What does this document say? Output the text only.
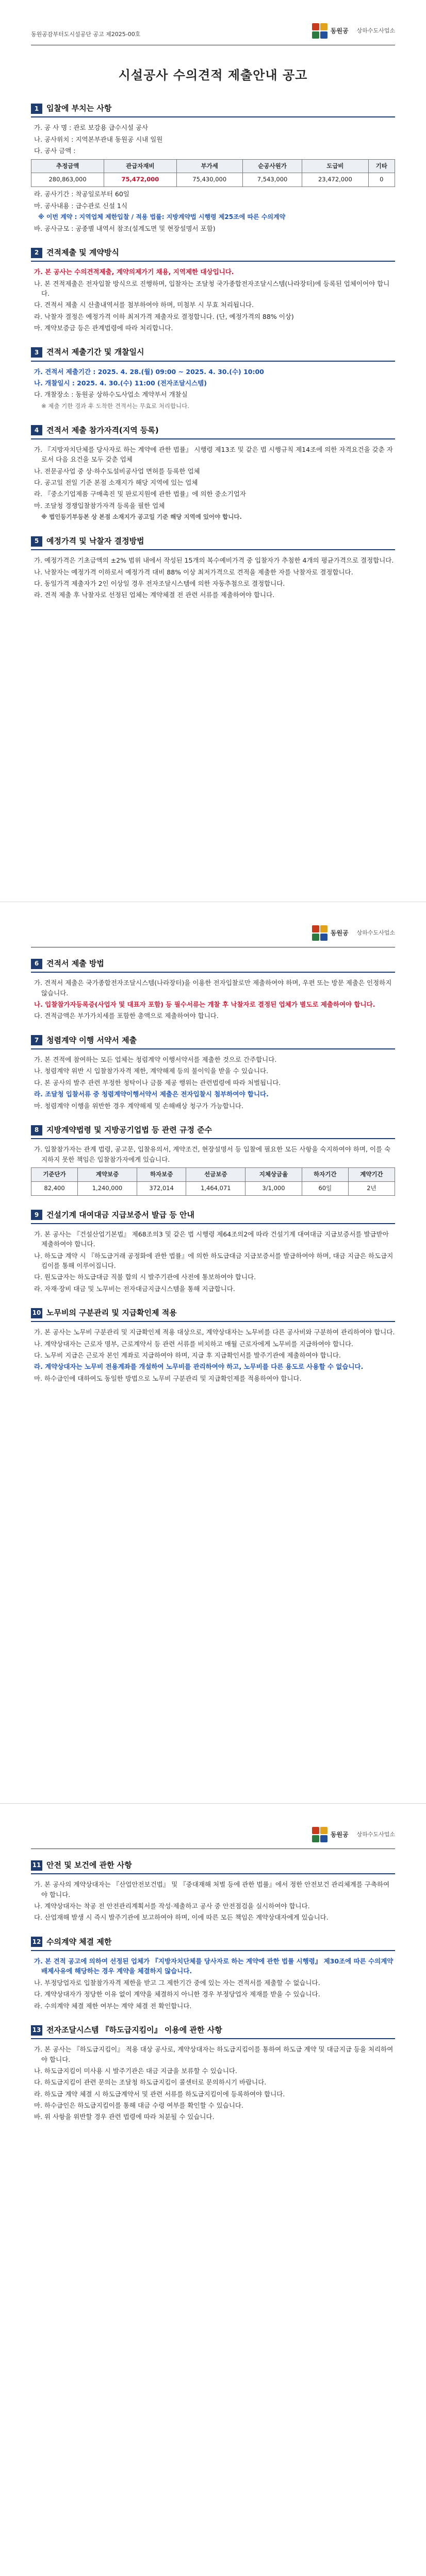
동원공감부터도시설공단 공고 제2025-00호	동원공 상하수도사업소
시설공사 수의견적 제출안내 공고
1 입찰에 부치는 사항

가. 공 사 명 : 관로 보강용 급수시설 공사

나. 공사위치 : 지역본부관내 동원공 시내 일원

다. 공사 금액 :

추정금액	관급자재비	부가세	순공사원가	도급비	기타
280,863,000	75,472,000	75,430,000	7,543,000	23,472,000	0

라. 공사기간 : 착공일로부터 60일

마. 공사내용 : 급수관로 신설 1식

※ 이번 계약 : 지역업체 제한입찰 / 적용 법률: 지방계약법 시행령 제25조에 따른 수의계약

바. 공사규모 : 공종별 내역서 참조(설계도면 및 현장설명서 포함)

2 견적제출 및 계약방식

가. 본 공사는 수의견적제출, 계약의제가기 채용, 지역제한 대상입니다.

나. 본 견적제출은 전자입찰 방식으로 진행하며, 입찰자는 조달청 국가종합전자조달시스템(나라장터)에 등록된 업체이어야 합니다.

다. 견적서 제출 시 산출내역서를 첨부하여야 하며, 미첨부 시 무효 처리됩니다.

라. 낙찰자 결정은 예정가격 이하 최저가격 제출자로 결정합니다. (단, 예정가격의 88% 이상)

마. 계약보증금 등은 관계법령에 따라 처리합니다.

3 견적서 제출기간 및 개찰일시

가. 견적서 제출기간 : 2025. 4. 28.(월) 09:00 ~ 2025. 4. 30.(수) 10:00

나. 개찰일시 : 2025. 4. 30.(수) 11:00 (전자조달시스템)

다. 개찰장소 : 동원공 상하수도사업소 계약부서 개찰실

※ 제출 기한 경과 후 도착한 견적서는 무효로 처리합니다.

4 견적서 제출 참가자격(지역 등록)

가. 『지방자치단체를 당사자로 하는 계약에 관한 법률』 시행령 제13조 및 같은 법 시행규칙 제14조에 의한 자격요건을 갖춘 자로서 다음 요건을 모두 갖춘 업체

나. 전문공사업 중 상·하수도설비공사업 면허를 등록한 업체

다. 공고일 전일 기준 본점 소재지가 해당 지역에 있는 업체

라. 『중소기업제품 구매촉진 및 판로지원에 관한 법률』에 의한 중소기업자

마. 조달청 경쟁입찰참가자격 등록을 필한 업체

※ 법인등기부등본 상 본점 소재지가 공고일 기준 해당 지역에 있어야 합니다.

5 예정가격 및 낙찰자 결정방법

가. 예정가격은 기초금액의 ±2% 범위 내에서 작성된 15개의 복수예비가격 중 입찰자가 추첨한 4개의 평균가격으로 결정합니다.

나. 낙찰자는 예정가격 이하로서 예정가격 대비 88% 이상 최저가격으로 견적을 제출한 자를 낙찰자로 결정합니다.

다. 동일가격 제출자가 2인 이상일 경우 전자조달시스템에 의한 자동추첨으로 결정합니다.

라. 견적 제출 후 낙찰자로 선정된 업체는 계약체결 전 관련 서류를 제출하여야 합니다.

동원공 상하수도사업소
6 견적서 제출 방법

가. 견적서 제출은 국가종합전자조달시스템(나라장터)을 이용한 전자입찰로만 제출하여야 하며, 우편 또는 방문 제출은 인정하지 않습니다.

나. 입찰참가자등록증(사업자 및 대표자 포함) 등 필수서류는 개찰 후 낙찰자로 결정된 업체가 별도로 제출하여야 합니다.

다. 견적금액은 부가가치세를 포함한 총액으로 제출하여야 합니다.

7 청렴계약 이행 서약서 제출

가. 본 견적에 참여하는 모든 업체는 청렴계약 이행서약서를 제출한 것으로 간주합니다.

나. 청렴계약 위반 시 입찰참가자격 제한, 계약해제 등의 불이익을 받을 수 있습니다.

다. 본 공사의 발주 관련 부정한 청탁이나 금품 제공 행위는 관련법령에 따라 처벌됩니다.

라. 조달청 입찰서류 중 청렴계약이행서약서 제출은 전자입찰시 첨부하여야 합니다.

마. 청렴계약 이행을 위반한 경우 계약해제 및 손해배상 청구가 가능합니다.

8 지방계약법령 및 지방공기업법 등 관련 규정 준수

가. 입찰참가자는 관계 법령, 공고문, 입찰유의서, 계약조건, 현장설명서 등 입찰에 필요한 모든 사항을 숙지하여야 하며, 이를 숙지하지 못한 책임은 입찰참가자에게 있습니다.

기준단가	계약보증	하자보증	선금보증	지체상금율	하자기간	계약기간
82,400	1,240,000	372,014	1,464,071	3/1,000	60일	2년
9 건설기계 대여대금 지급보증서 발급 등 안내

가. 본 공사는 『건설산업기본법』 제68조의3 및 같은 법 시행령 제64조의2에 따라 건설기계 대여대금 지급보증서를 발급받아 제출하여야 합니다.

나. 하도급 계약 시 『하도급거래 공정화에 관한 법률』에 의한 하도급대금 지급보증서를 발급하여야 하며, 대금 지급은 하도급지킴이를 통해 이루어집니다.

다. 원도급자는 하도급대금 직불 합의 시 발주기관에 사전에 통보하여야 합니다.

라. 자재·장비 대금 및 노무비는 전자대금지급시스템을 통해 지급합니다.

10 노무비의 구분관리 및 지급확인제 적용

가. 본 공사는 노무비 구분관리 및 지급확인제 적용 대상으로, 계약상대자는 노무비를 다른 공사비와 구분하여 관리하여야 합니다.

나. 계약상대자는 근로자 명부, 근로계약서 등 관련 서류를 비치하고 매월 근로자에게 노무비를 지급하여야 합니다.

다. 노무비 지급은 근로자 본인 계좌로 지급하여야 하며, 지급 후 지급확인서를 발주기관에 제출하여야 합니다.

라. 계약상대자는 노무비 전용계좌를 개설하여 노무비를 관리하여야 하고, 노무비를 다른 용도로 사용할 수 없습니다.

마. 하수급인에 대하여도 동일한 방법으로 노무비 구분관리 및 지급확인제를 적용하여야 합니다.

동원공 상하수도사업소
11 안전 및 보건에 관한 사항

가. 본 공사의 계약상대자는 『산업안전보건법』 및 『중대재해 처벌 등에 관한 법률』에서 정한 안전보건 관리체계를 구축하여야 합니다.

나. 계약상대자는 착공 전 안전관리계획서를 작성·제출하고 공사 중 안전점검을 실시하여야 합니다.

다. 산업재해 발생 시 즉시 발주기관에 보고하여야 하며, 이에 따른 모든 책임은 계약상대자에게 있습니다.

12 수의계약 체결 제한

가. 본 견적 공고에 의하여 선정된 업체가 『지방자치단체를 당사자로 하는 계약에 관한 법률 시행령』 제30조에 따른 수의계약 배제사유에 해당하는 경우 계약을 체결하지 않습니다.

나. 부정당업자로 입찰참가자격 제한을 받고 그 제한기간 중에 있는 자는 견적서를 제출할 수 없습니다.

다. 계약상대자가 정당한 이유 없이 계약을 체결하지 아니한 경우 부정당업자 제재를 받을 수 있습니다.

라. 수의계약 체결 제한 여부는 계약 체결 전 확인합니다.

13 전자조달시스템 『하도급지킴이』 이용에 관한 사항

가. 본 공사는 『하도급지킴이』 적용 대상 공사로, 계약상대자는 하도급지킴이를 통하여 하도급 계약 및 대금지급 등을 처리하여야 합니다.

나. 하도급지킴이 미사용 시 발주기관은 대금 지급을 보류할 수 있습니다.

다. 하도급지킴이 관련 문의는 조달청 하도급지킴이 콜센터로 문의하시기 바랍니다.

라. 하도급 계약 체결 시 하도급계약서 및 관련 서류를 하도급지킴이에 등록하여야 합니다.

마. 하수급인은 하도급지킴이를 통해 대금 수령 여부를 확인할 수 있습니다.

바. 위 사항을 위반할 경우 관련 법령에 따라 처분될 수 있습니다.
